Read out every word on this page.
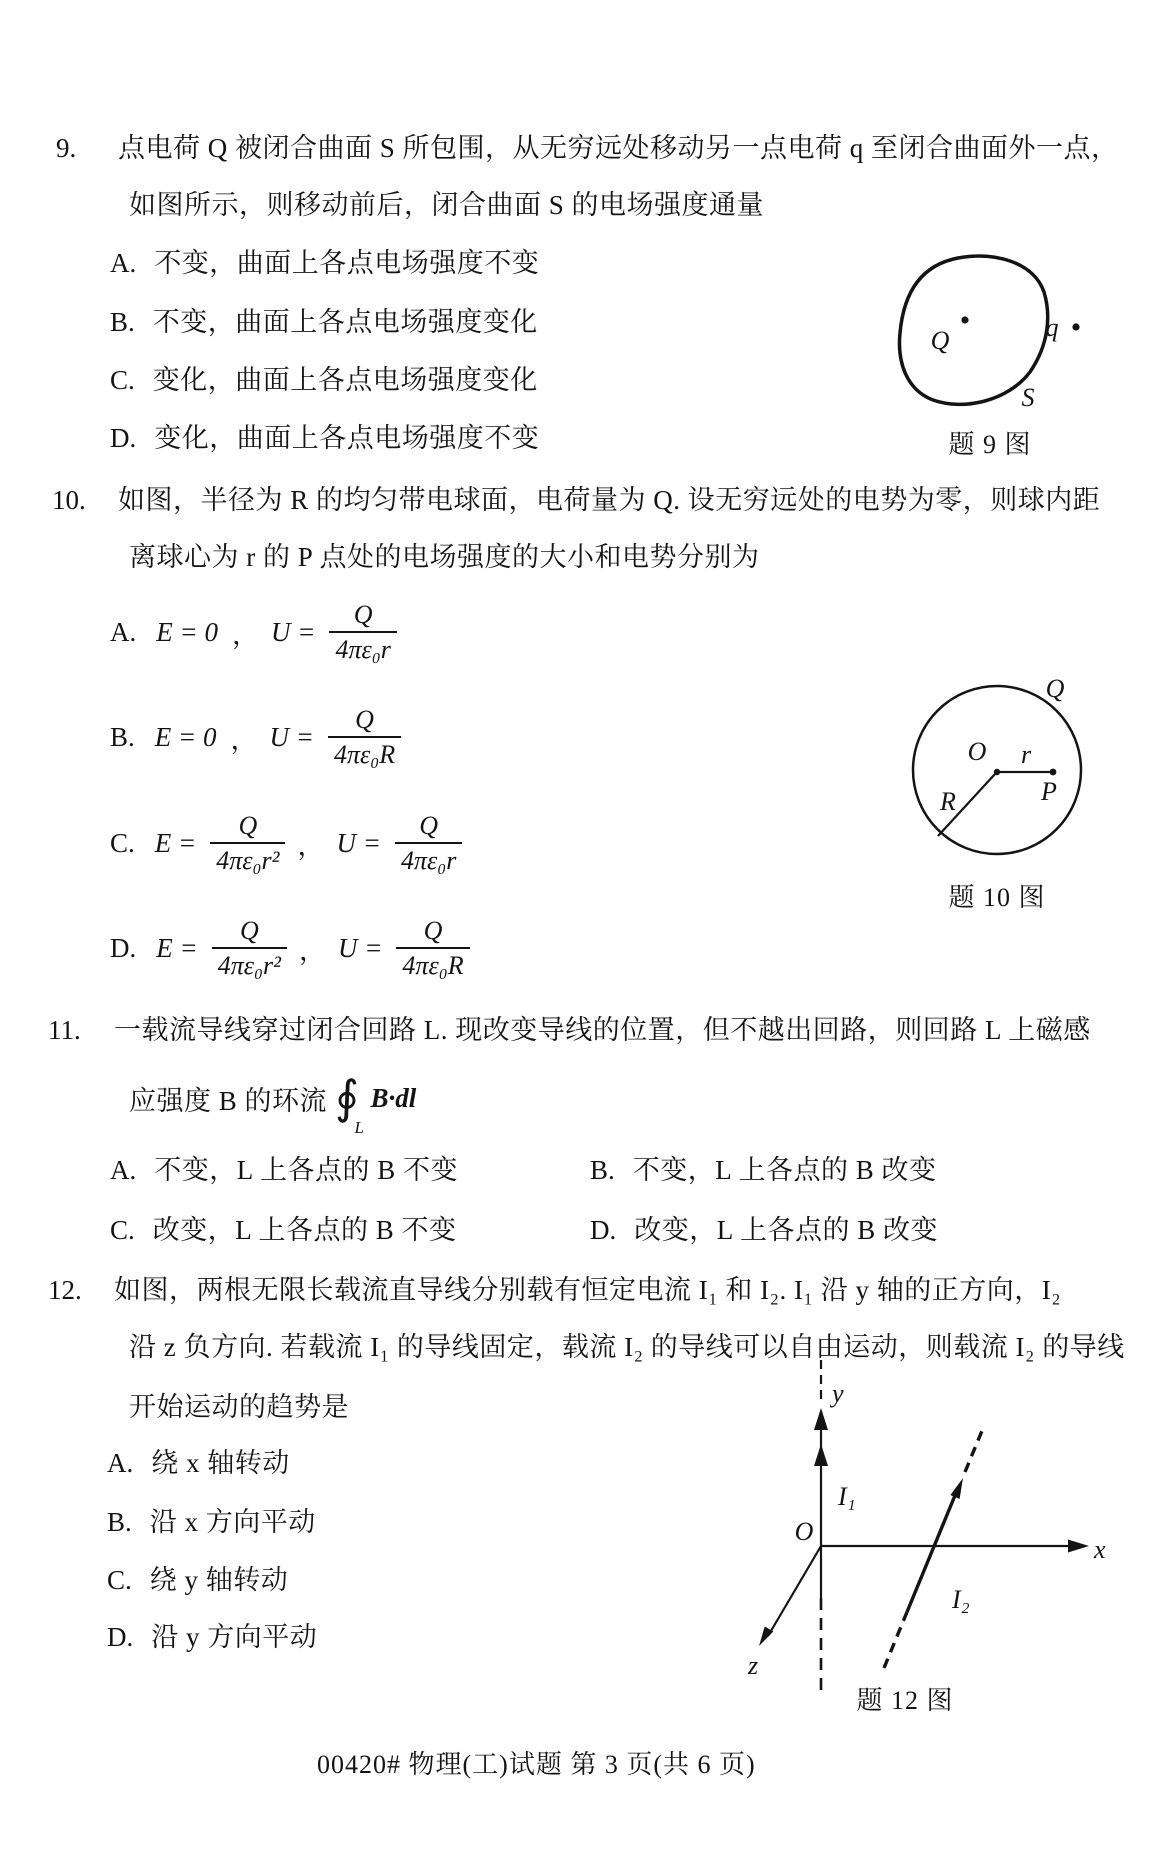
9. 点电荷 Q 被闭合曲面 S 所包围，从无穷远处移动另一点电荷 q 至闭合曲面外一点，
如图所示，则移动前后，闭合曲面 S 的电场强度通量
A. 不变，曲面上各点电场强度不变
B. 不变，曲面上各点电场强度变化
C. 变化，曲面上各点电场强度变化
D. 变化，曲面上各点电场强度不变
Q	q
S
题 9 图
10. 如图，半径为 R 的均匀带电球面，电荷量为 Q. 设无穷远处的电势为零，则球内距
离球心为 r 的 P 点处的电场强度的大小和电势分别为
A. E = 0 ， $U = \frac{Q}{\text{4πε₀r}}$
B. E = 0 ， $U = \frac{Q}{\text{4πε₀R}}$
C. $E = \frac{Q}{\text{4πε₀r²}}$ ， $U = \frac{Q}{\text{4πε₀r}}$
D. $E = \frac{Q}{\text{4πε₀r²}}$ ， $U = \frac{Q}{\text{4πε₀R}}$
Q
O r
P
R
题 10 图
11. 一载流导线穿过闭合回路 L. 现改变导线的位置，但不越出回路，则回路 L 上磁感
应强度 B 的环流 ∮
L
B·dl
A. 不变，L 上各点的 B 不变	B. 不变，L 上各点的 B 改变
C. 改变，L 上各点的 B 不变	D. 改变，L 上各点的 B 改变
12. 如图，两根无限长载流直导线分别载有恒定电流 I₁ 和 I₂. I₁ 沿 y 轴的正方向，I₂
沿 z 负方向. 若载流 I₁ 的导线固定，载流 I₂ 的导线可以自由运动，则载流 I₂ 的导线
开始运动的趋势是
A. 绕 x 轴转动
B. 沿 x 方向平动
C. 绕 y 轴转动
D. 沿 y 方向平动
y
I₁
O
x
z
I₂
题 12 图
00420# 物理(工)试题 第 3 页(共 6 页)
